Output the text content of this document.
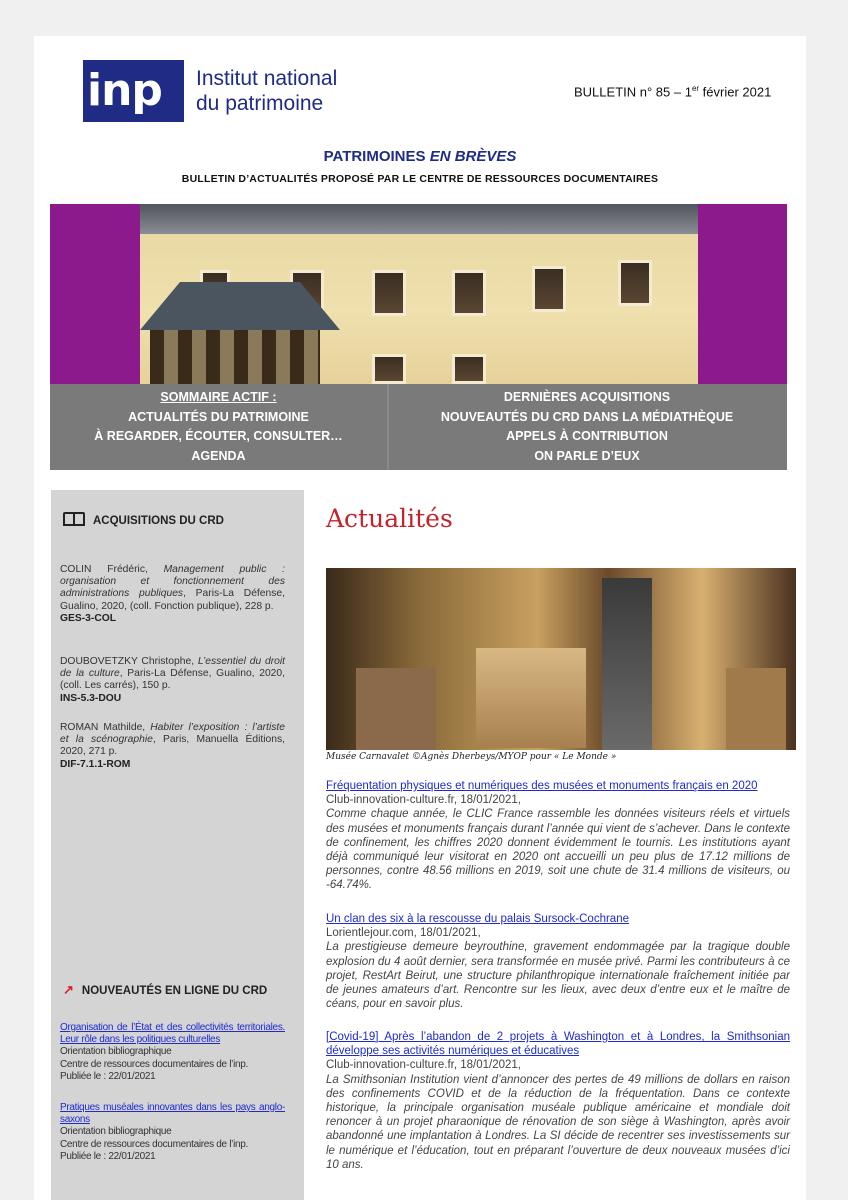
inp	Institut national
du patrimoine
BULLETIN n° 85 – 1er février 2021
PATRIMOINES EN BRÈVES
BULLETIN D’ACTUALITÉS PROPOSÉ PAR LE CENTRE DE RESSOURCES DOCUMENTAIRES
SOMMAIRE ACTIF :
ACTUALITÉS DU PATRIMOINE
À REGARDER, ÉCOUTER, CONSULTER…
AGENDA
DERNIÈRES ACQUISITIONS
NOUVEAUTÉS DU CRD DANS LA MÉDIATHÈQUE
APPELS À CONTRIBUTION
ON PARLE D’EUX
ACQUISITIONS DU CRD
COLIN Frédéric, Management public : organisation et fonctionnement des administrations publiques, Paris-La Défense, Gualino, 2020, (coll. Fonction publique), 228 p.
GES-3-COL
DOUBOVETZKY Christophe, L’essentiel du droit de la culture, Paris-La Défense, Gualino, 2020, (coll. Les carrés), 150 p.
INS-5.3-DOU
ROMAN Mathilde, Habiter l’exposition : l’artiste et la scénographie, Paris, Manuella Éditions, 2020, 271 p.
DIF-7.1.1-ROM
↗ NOUVEAUTÉS EN LIGNE DU CRD
Organisation de l’État et des collectivités territoriales. Leur rôle dans les politiques culturelles
Orientation bibliographique
Centre de ressources documentaires de l’inp.
Publiée le : 22/01/2021
Pratiques muséales innovantes dans les pays anglo-saxons
Orientation bibliographique
Centre de ressources documentaires de l’inp.
Publiée le : 22/01/2021
Actualités
Musée Carnavalet ©Agnès Dherbeys/MYOP pour « Le Monde »
Fréquentation physiques et numériques des musées et monuments français en 2020
Club-innovation-culture.fr, 18/01/2021,
Comme chaque année, le CLIC France rassemble les données visiteurs réels et virtuels des musées et monuments français durant l’année qui vient de s’achever. Dans le contexte de confinement, les chiffres 2020 donnent évidemment le tournis. Les institutions ayant déjà communiqué leur visitorat en 2020 ont accueilli un peu plus de 17.12 millions de personnes, contre 48.56 millions en 2019, soit une chute de 31.4 millions de visiteurs, ou -64.74%.
Un clan des six à la rescousse du palais Sursock-Cochrane
Lorientlejour.com, 18/01/2021,
La prestigieuse demeure beyrouthine, gravement endommagée par la tragique double explosion du 4 août dernier, sera transformée en musée privé. Parmi les contributeurs à ce projet, RestArt Beirut, une structure philanthropique internationale fraîchement initiée par de jeunes amateurs d’art. Rencontre sur les lieux, avec deux d’entre eux et le maître de céans, pour en savoir plus.
[Covid-19] Après l’abandon de 2 projets à Washington et à Londres, la Smithsonian développe ses activités numériques et éducatives
Club-innovation-culture.fr, 18/01/2021,
La Smithsonian Institution vient d’annoncer des pertes de 49 millions de dollars en raison des confinements COVID et de la réduction de la fréquentation. Dans ce contexte historique, la principale organisation muséale publique américaine et mondiale doit renoncer à un projet pharaonique de rénovation de son siège à Washington, après avoir abandonné une implantation à Londres. La SI décide de recentrer ses investissements sur le numérique et l’éducation, tout en préparant l’ouverture de deux nouveaux musées d’ici 10 ans.
